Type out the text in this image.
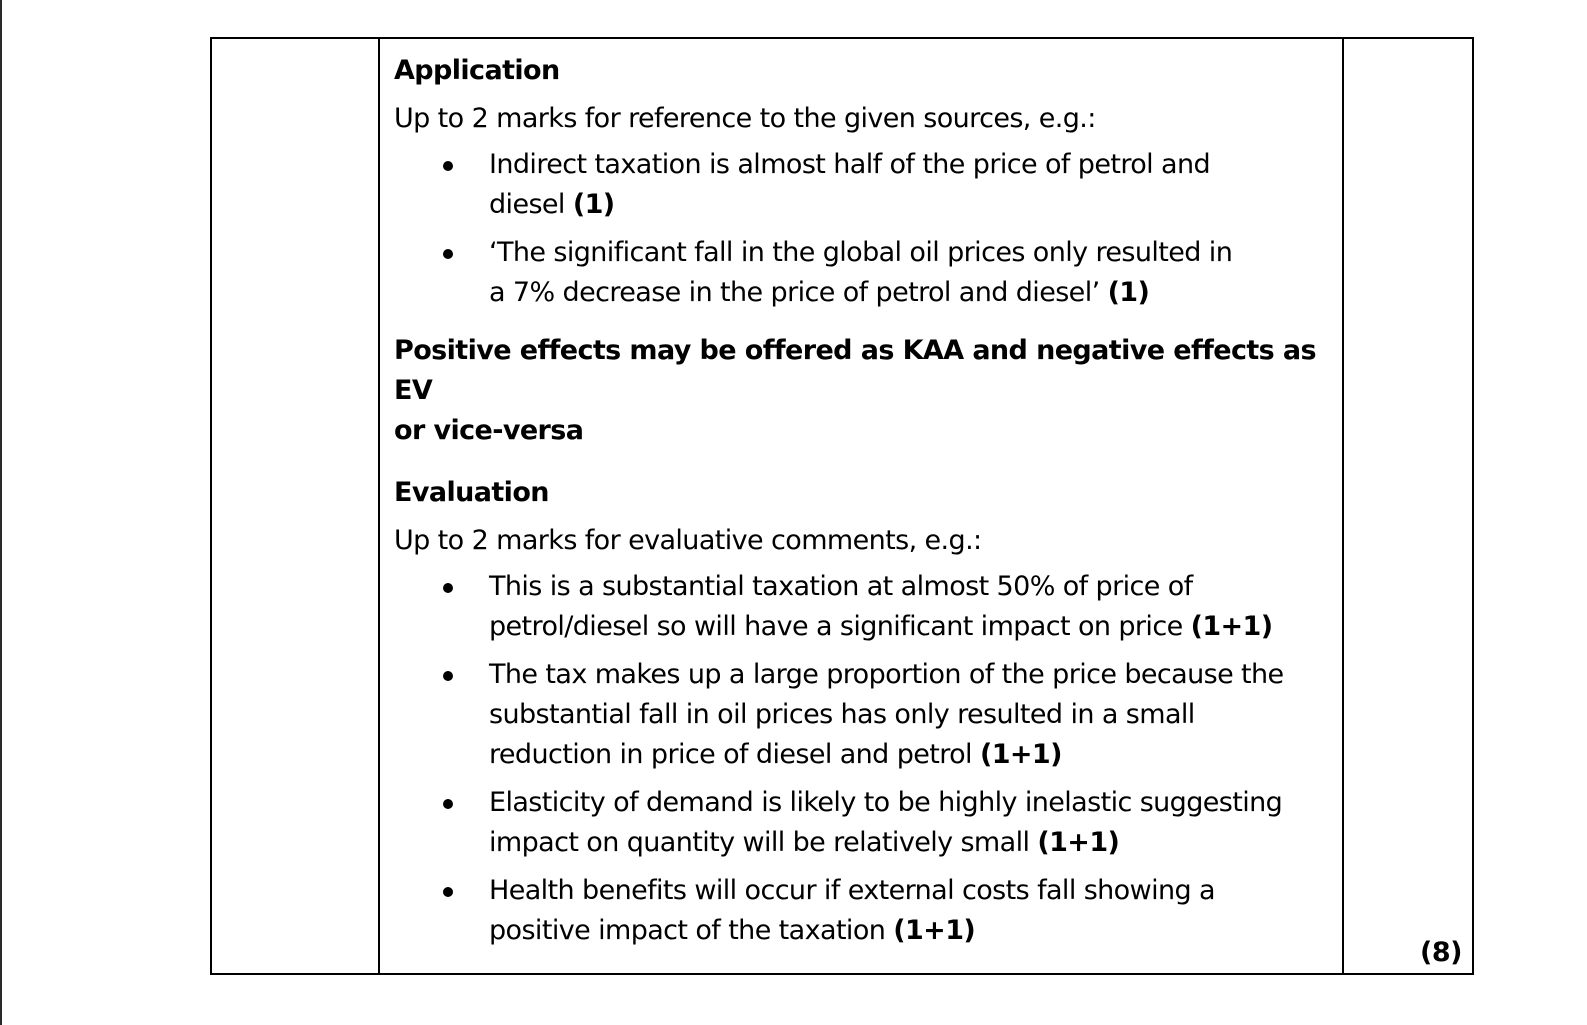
Application

Up to 2 marks for reference to the given sources, e.g.:

Indirect taxation is almost half of the price of petrol and
diesel (1)
‘The significant fall in the global oil prices only resulted in
a 7% decrease in the price of petrol and diesel’ (1)

Positive effects may be offered as KAA and negative effects as EV
or vice-versa

Evaluation

Up to 2 marks for evaluative comments, e.g.:

This is a substantial taxation at almost 50% of price of
petrol/diesel so will have a significant impact on price (1+1)
The tax makes up a large proportion of the price because the
substantial fall in oil prices has only resulted in a small
reduction in price of diesel and petrol (1+1)
Elasticity of demand is likely to be highly inelastic suggesting
impact on quantity will be relatively small (1+1)
Health benefits will occur if external costs fall showing a
positive impact of the taxation (1+1)
(8)
